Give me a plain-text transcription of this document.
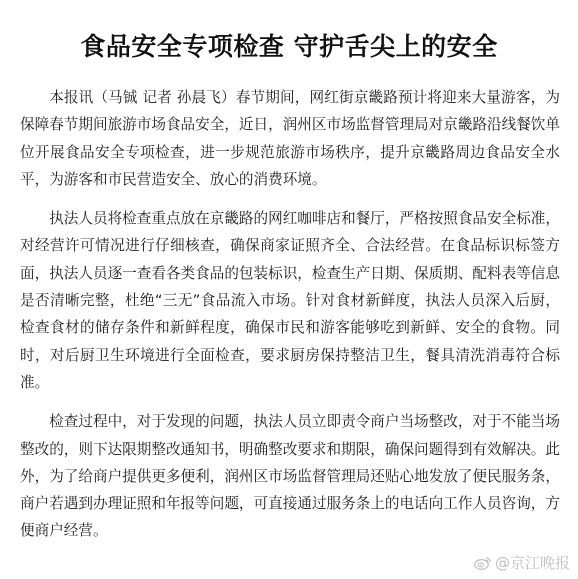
食品安全专项检查 守护舌尖上的安全

本报讯（马铖 记者 孙晨飞）春节期间，网红街京畿路预计将迎来大量游客，为保障春节期间旅游市场食品安全，近日，润州区市场监督管理局对京畿路沿线餐饮单位开展食品安全专项检查，进一步规范旅游市场秩序，提升京畿路周边食品安全水平，为游客和市民营造安全、放心的消费环境。

执法人员将检查重点放在京畿路的网红咖啡店和餐厅，严格按照食品安全标准，对经营许可情况进行仔细核查，确保商家证照齐全、合法经营。在食品标识标签方面，执法人员逐一查看各类食品的包装标识，检查生产日期、保质期、配料表等信息是否清晰完整，杜绝“三无”食品流入市场。针对食材新鲜度，执法人员深入后厨，检查食材的储存条件和新鲜程度，确保市民和游客能够吃到新鲜、安全的食物。同时，对后厨卫生环境进行全面检查，要求厨房保持整洁卫生，餐具清洗消毒符合标准。

检查过程中，对于发现的问题，执法人员立即责令商户当场整改，对于不能当场整改的，则下达限期整改通知书，明确整改要求和期限，确保问题得到有效解决。此外，为了给商户提供更多便利，润州区市场监督管理局还贴心地发放了便民服务条，商户若遇到办理证照和年报等问题，可直接通过服务条上的电话向工作人员咨询，方便商户经营。

@京江晚报
